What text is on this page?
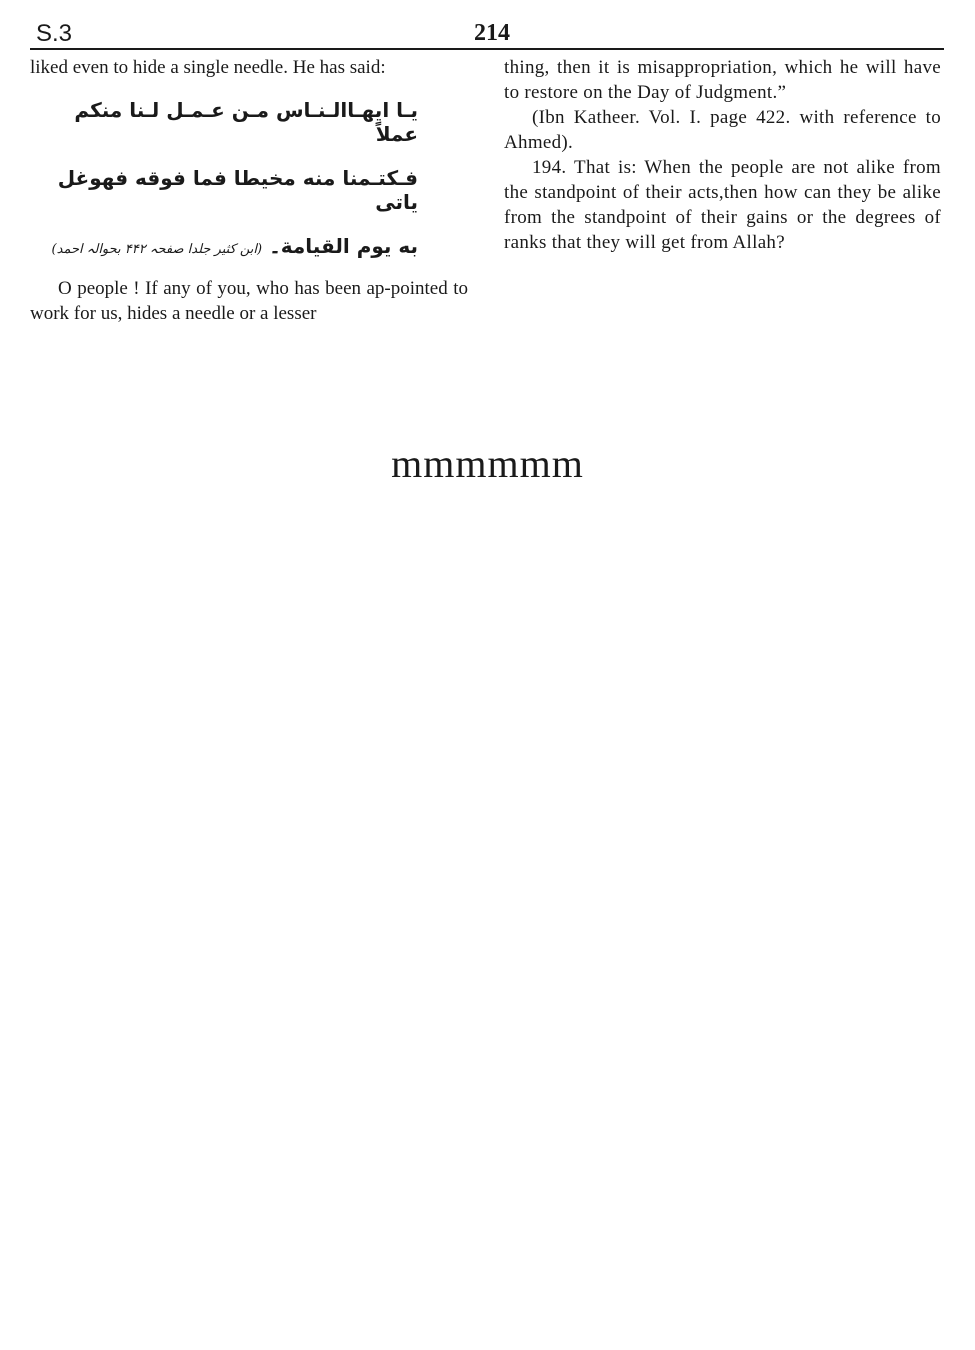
S.3	214

liked even to hide a single needle. He has said:

يـا ايهـاالـنـاس مـن عـمـل لـنا منكم عملاً

فـكتـمنا منه مخيطا فما فوقه فهوغل ياتى

به يوم القيامة۔ (ابن کثیر جلدا صفحہ ۴۴۲ بحوالہ احمد)

O people ! If any of you, who has been ap-pointed to work for us, hides a needle or a lesser

thing, then it is misappropriation, which he will have to restore on the Day of Judgment.”

(Ibn Katheer. Vol. I. page 422. with reference to Ahmed).

194. That is: When the people are not alike from the standpoint of their acts,then how can they be alike from the standpoint of their gains or the degrees of ranks that they will get from Allah?

mmmmmm
